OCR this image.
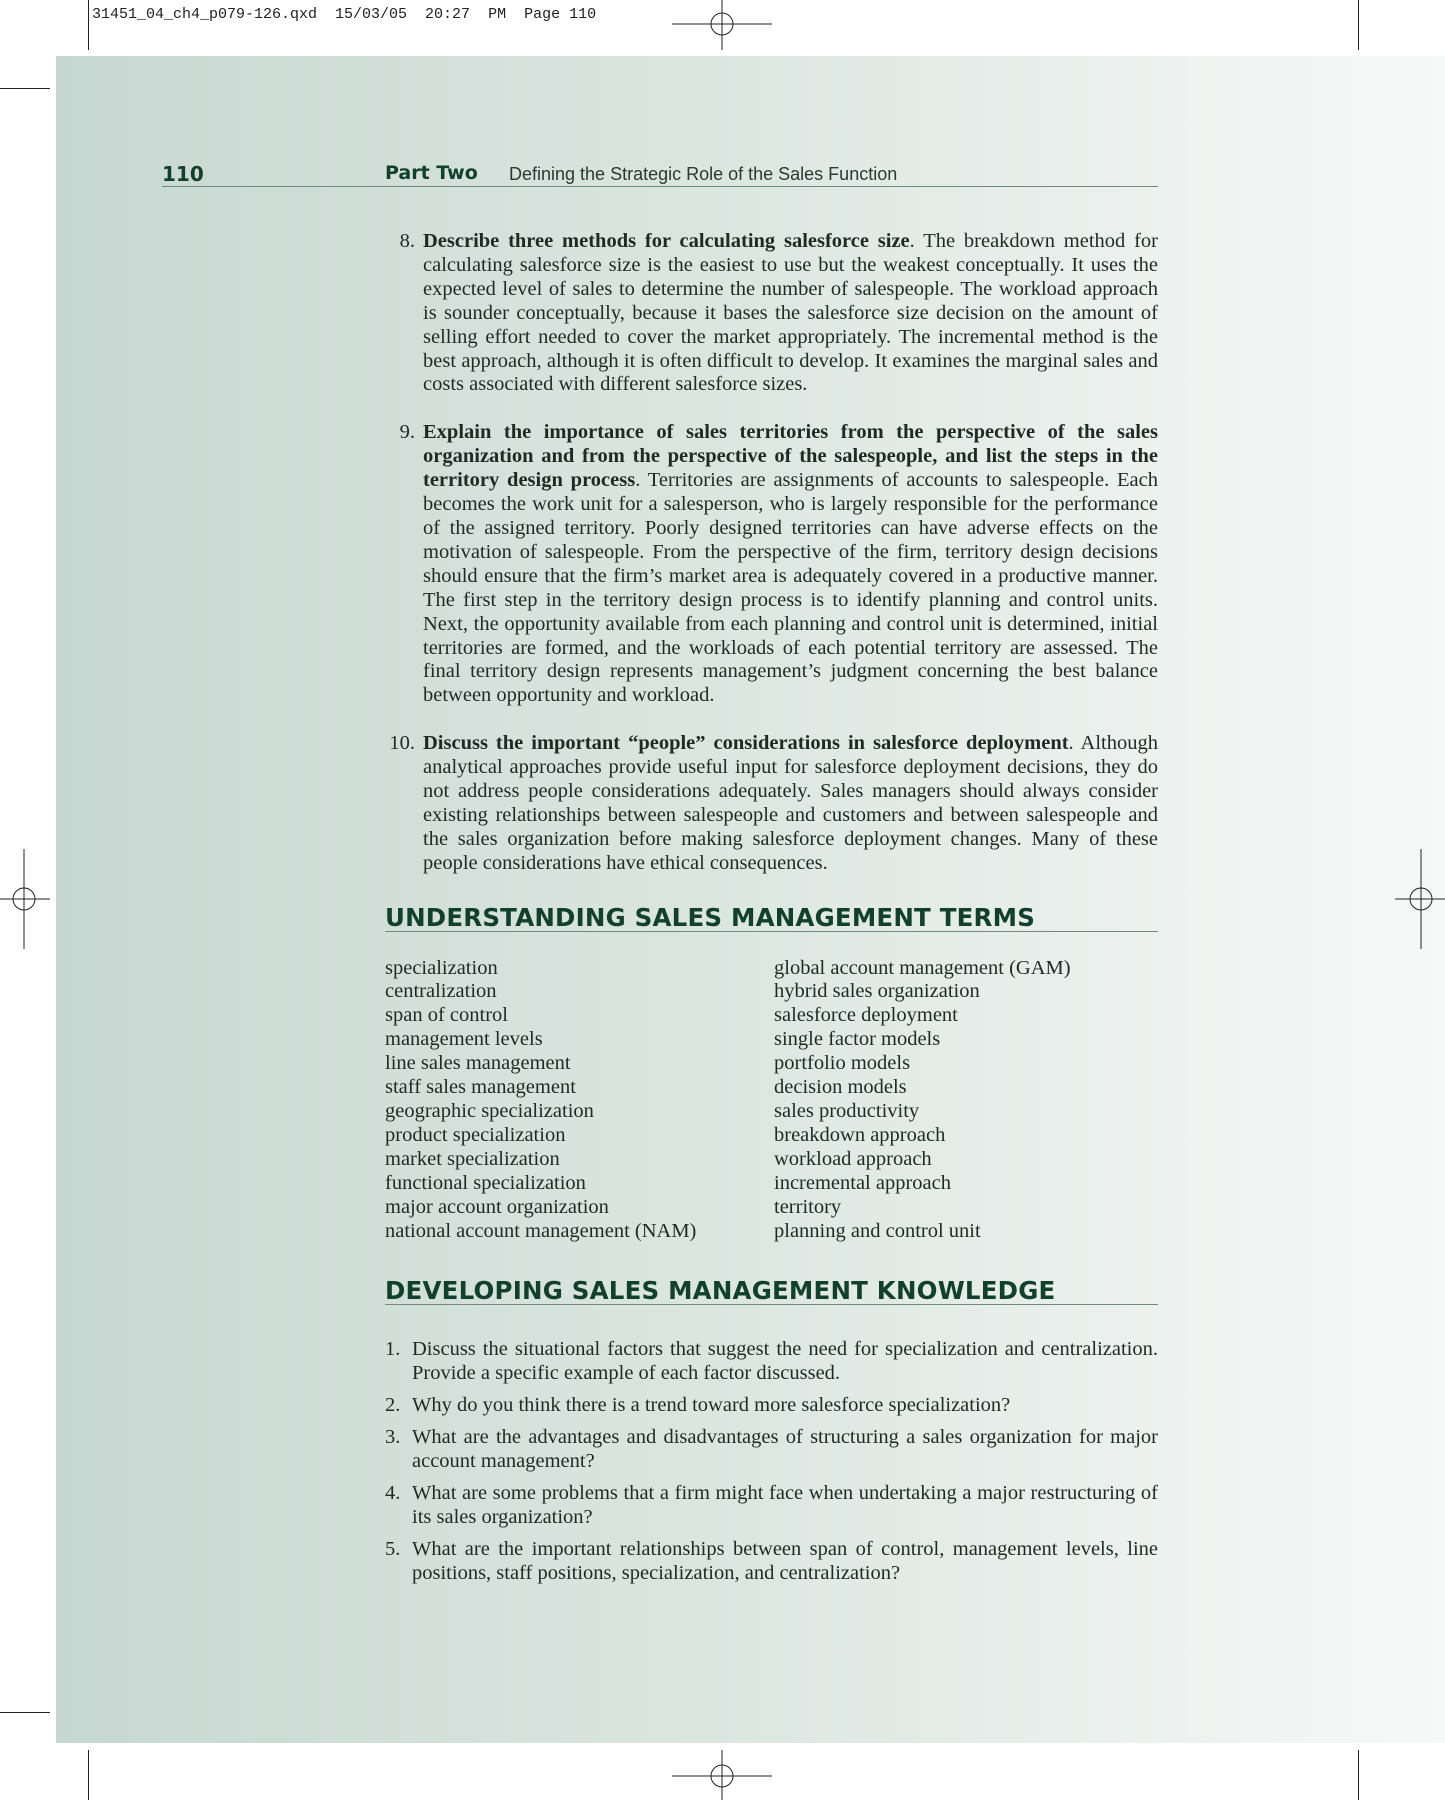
31451_04_ch4_p079-126.qxd  15/03/05  20:27  PM  Page 110
110	Part Two Defining the Strategic Role of the Sales Function
8. Describe three methods for calculating salesforce size. The breakdown method for calculating salesforce size is the easiest to use but the weakest conceptually. It uses the expected level of sales to determine the number of salespeople. The workload approach is sounder conceptually, because it bases the salesforce size decision on the amount of selling effort needed to cover the market appropriately. The incremental method is the best approach, although it is often difficult to develop. It examines the marginal sales and costs associated with different salesforce sizes.
9. Explain the importance of sales territories from the perspective of the sales organization and from the perspective of the salespeople, and list the steps in the territory design process. Territories are assignments of accounts to salespeople. Each becomes the work unit for a salesperson, who is largely responsible for the performance of the assigned territory. Poorly designed territories can have adverse effects on the motivation of salespeople. From the perspective of the firm, territory design decisions should ensure that the firm’s market area is adequately covered in a productive manner. The first step in the territory design process is to identify planning and control units. Next, the opportunity available from each planning and control unit is determined, initial territories are formed, and the workloads of each potential territory are assessed. The final territory design represents management’s judgment concerning the best balance between opportunity and workload.
10. Discuss the important “people” considerations in salesforce deployment. Although analytical approaches provide useful input for salesforce deployment decisions, they do not address people considerations adequately. Sales managers should always consider existing relationships between salespeople and customers and between salespeople and the sales organization before making salesforce deployment changes. Many of these people considerations have ethical consequences.
UNDERSTANDING SALES MANAGEMENT TERMS
specialization
centralization
span of control
management levels
line sales management
staff sales management
geographic specialization
product specialization
market specialization
functional specialization
major account organization
national account management (NAM)
global account management (GAM)
hybrid sales organization
salesforce deployment
single factor models
portfolio models
decision models
sales productivity
breakdown approach
workload approach
incremental approach
territory
planning and control unit
DEVELOPING SALES MANAGEMENT KNOWLEDGE
1. Discuss the situational factors that suggest the need for specialization and centralization. Provide a specific example of each factor discussed.
2. Why do you think there is a trend toward more salesforce specialization?
3. What are the advantages and disadvantages of structuring a sales organization for major account management?
4. What are some problems that a firm might face when undertaking a major restructuring of its sales organization?
5. What are the important relationships between span of control, management levels, line positions, staff positions, specialization, and centralization?
